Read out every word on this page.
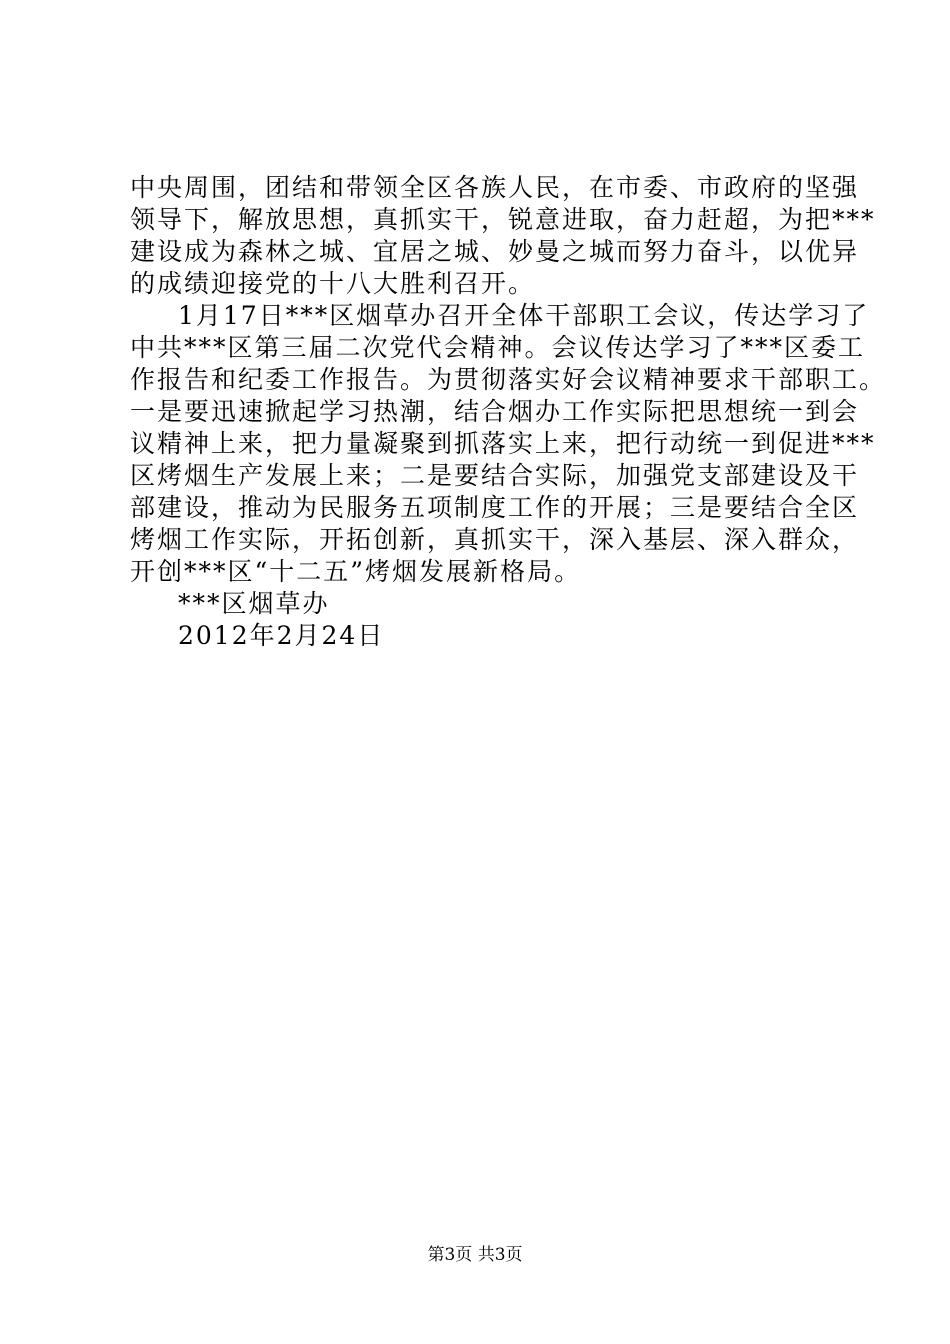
中央周围，团结和带领全区各族人民，在市委、市政府的坚强
领导下，解放思想，真抓实干，锐意进取，奋力赶超，为把***
建设成为森林之城、宜居之城、妙曼之城而努力奋斗，以优异
的成绩迎接党的十八大胜利召开。
1月17日***区烟草办召开全体干部职工会议，传达学习了
中共***区第三届二次党代会精神。会议传达学习了***区委工
作报告和纪委工作报告。为贯彻落实好会议精神要求干部职工。
一是要迅速掀起学习热潮，结合烟办工作实际把思想统一到会
议精神上来，把力量凝聚到抓落实上来，把行动统一到促进***
区烤烟生产发展上来；二是要结合实际，加强党支部建设及干
部建设，推动为民服务五项制度工作的开展；三是要结合全区
烤烟工作实际，开拓创新，真抓实干，深入基层、深入群众，
开创***区“十二五”烤烟发展新格局。
***区烟草办
2012年2月24日
第3页 共3页
